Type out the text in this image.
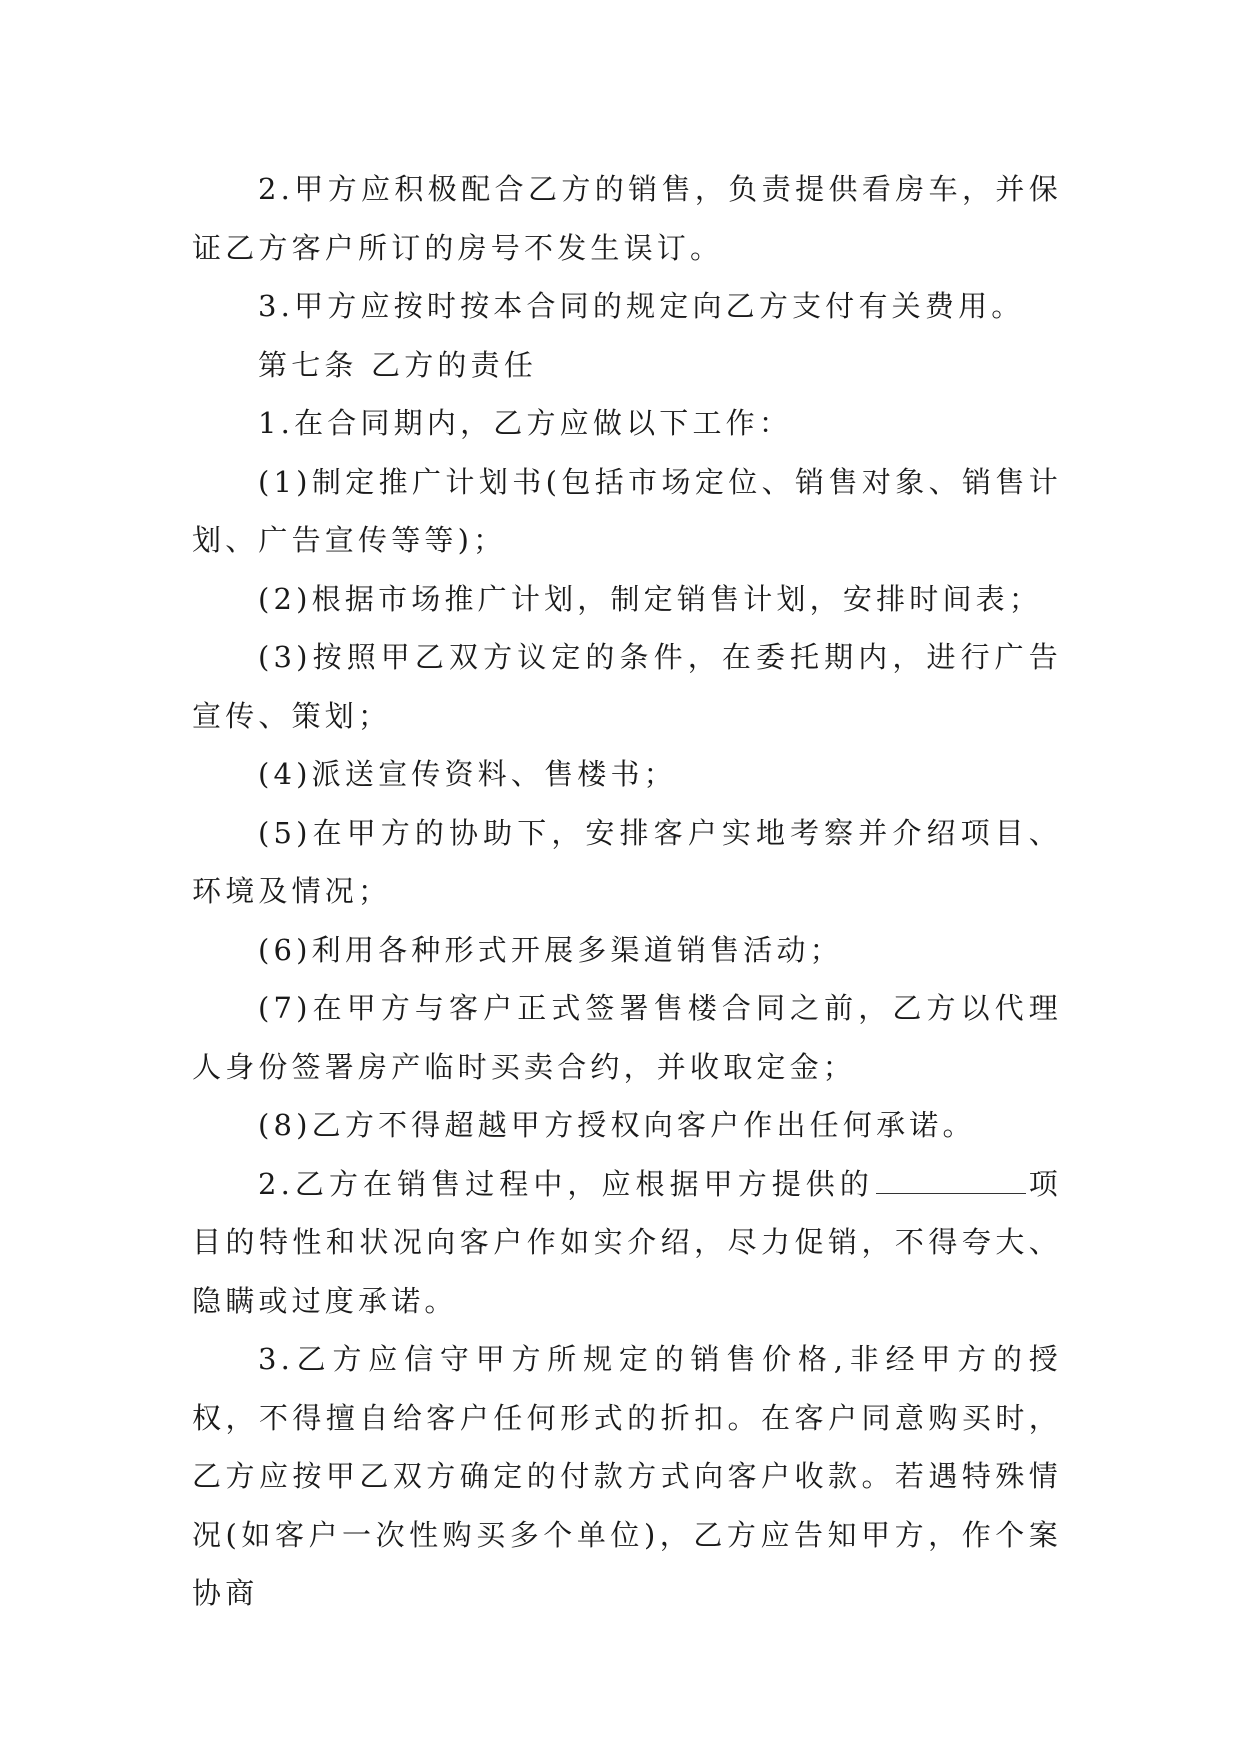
2.甲方应积极配合乙方的销售，负责提供看房车，并保证乙方客户所订的房号不发生误订。

3.甲方应按时按本合同的规定向乙方支付有关费用。

第七条 乙方的责任

1.在合同期内，乙方应做以下工作：

(1)制定推广计划书(包括市场定位、销售对象、销售计划、广告宣传等等)；

(2)根据市场推广计划，制定销售计划，安排时间表；

(3)按照甲乙双方议定的条件，在委托期内，进行广告宣传、策划；

(4)派送宣传资料、售楼书；

(5)在甲方的协助下，安排客户实地考察并介绍项目、环境及情况；

(6)利用各种形式开展多渠道销售活动；

(7)在甲方与客户正式签署售楼合同之前，乙方以代理人身份签署房产临时买卖合约，并收取定金；

(8)乙方不得超越甲方授权向客户作出任何承诺。

2.乙方在销售过程中，应根据甲方提供的	项目的特性和状况向客户作如实介绍，尽力促销，不得夸大、隐瞒或过度承诺。

3.乙方应信守甲方所规定的销售价格,非经甲方的授权，不得擅自给客户任何形式的折扣。在客户同意购买时，乙方应按甲乙双方确定的付款方式向客户收款。若遇特殊情况(如客户一次性购买多个单位)，乙方应告知甲方，作个案协商
